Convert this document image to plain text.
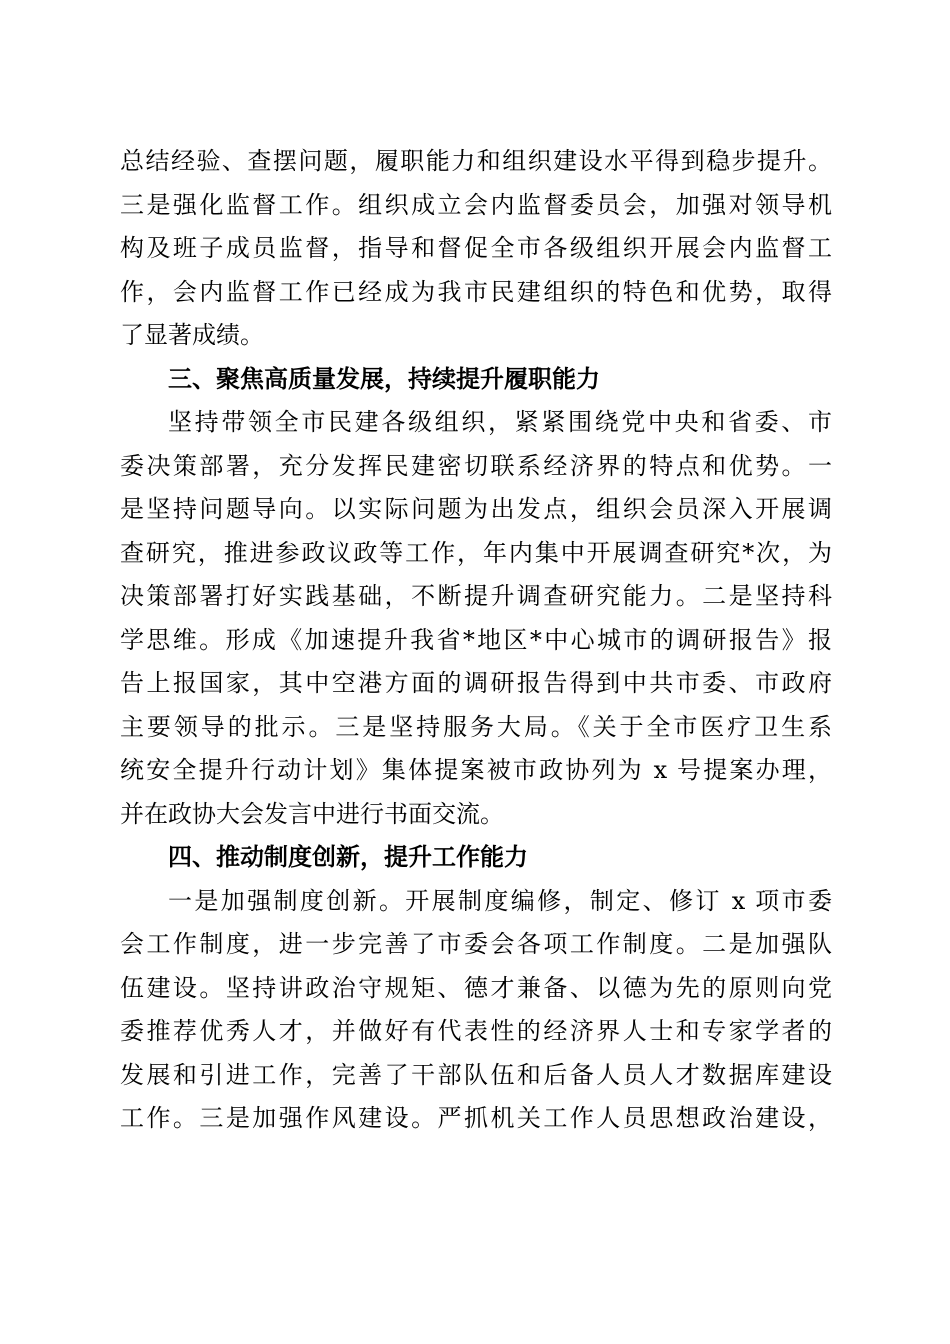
总结经验、查摆问题，履职能力和组织建设水平得到稳步提升。

三是强化监督工作。组织成立会内监督委员会，加强对领导机

构及班子成员监督，指导和督促全市各级组织开展会内监督工

作，会内监督工作已经成为我市民建组织的特色和优势，取得

了显著成绩。

三、聚焦高质量发展，持续提升履职能力

坚持带领全市民建各级组织，紧紧围绕党中央和省委、市

委决策部署，充分发挥民建密切联系经济界的特点和优势。一

是坚持问题导向。以实际问题为出发点，组织会员深入开展调

查研究，推进参政议政等工作，年内集中开展调查研究*次，为

决策部署打好实践基础，不断提升调查研究能力。二是坚持科

学思维。形成《加速提升我省*地区*中心城市的调研报告》报

告上报国家，其中空港方面的调研报告得到中共市委、市政府

主要领导的批示。三是坚持服务大局。《关于全市医疗卫生系

统安全提升行动计划》集体提案被市政协列为 x 号提案办理，

并在政协大会发言中进行书面交流。

四、推动制度创新，提升工作能力

一是加强制度创新。开展制度编修，制定、修订 x 项市委

会工作制度，进一步完善了市委会各项工作制度。二是加强队

伍建设。坚持讲政治守规矩、德才兼备、以德为先的原则向党

委推荐优秀人才，并做好有代表性的经济界人士和专家学者的

发展和引进工作，完善了干部队伍和后备人员人才数据库建设

工作。三是加强作风建设。严抓机关工作人员思想政治建设，
